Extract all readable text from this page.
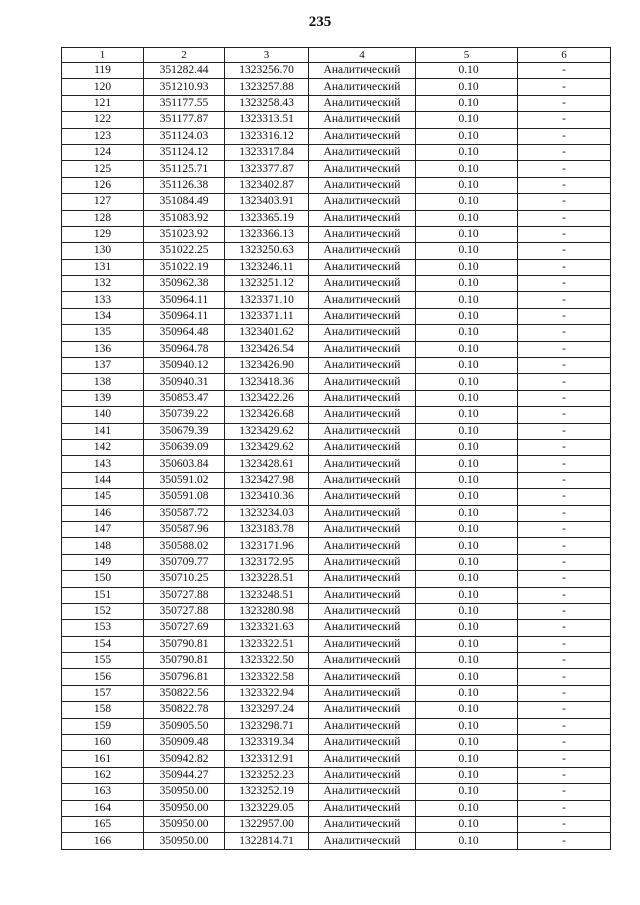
235
1	2	3	4	5	6
119	351282.44	1323256.70	Аналитический	0.10	-
120	351210.93	1323257.88	Аналитический	0.10	-
121	351177.55	1323258.43	Аналитический	0.10	-
122	351177.87	1323313.51	Аналитический	0.10	-
123	351124.03	1323316.12	Аналитический	0.10	-
124	351124.12	1323317.84	Аналитический	0.10	-
125	351125.71	1323377.87	Аналитический	0.10	-
126	351126.38	1323402.87	Аналитический	0.10	-
127	351084.49	1323403.91	Аналитический	0.10	-
128	351083.92	1323365.19	Аналитический	0.10	-
129	351023.92	1323366.13	Аналитический	0.10	-
130	351022.25	1323250.63	Аналитический	0.10	-
131	351022.19	1323246.11	Аналитический	0.10	-
132	350962.38	1323251.12	Аналитический	0.10	-
133	350964.11	1323371.10	Аналитический	0.10	-
134	350964.11	1323371.11	Аналитический	0.10	-
135	350964.48	1323401.62	Аналитический	0.10	-
136	350964.78	1323426.54	Аналитический	0.10	-
137	350940.12	1323426.90	Аналитический	0.10	-
138	350940.31	1323418.36	Аналитический	0.10	-
139	350853.47	1323422.26	Аналитический	0.10	-
140	350739.22	1323426.68	Аналитический	0.10	-
141	350679.39	1323429.62	Аналитический	0.10	-
142	350639.09	1323429.62	Аналитический	0.10	-
143	350603.84	1323428.61	Аналитический	0.10	-
144	350591.02	1323427.98	Аналитический	0.10	-
145	350591.08	1323410.36	Аналитический	0.10	-
146	350587.72	1323234.03	Аналитический	0.10	-
147	350587.96	1323183.78	Аналитический	0.10	-
148	350588.02	1323171.96	Аналитический	0.10	-
149	350709.77	1323172.95	Аналитический	0.10	-
150	350710.25	1323228.51	Аналитический	0.10	-
151	350727.88	1323248.51	Аналитический	0.10	-
152	350727.88	1323280.98	Аналитический	0.10	-
153	350727.69	1323321.63	Аналитический	0.10	-
154	350790.81	1323322.51	Аналитический	0.10	-
155	350790.81	1323322.50	Аналитический	0.10	-
156	350796.81	1323322.58	Аналитический	0.10	-
157	350822.56	1323322.94	Аналитический	0.10	-
158	350822.78	1323297.24	Аналитический	0.10	-
159	350905.50	1323298.71	Аналитический	0.10	-
160	350909.48	1323319.34	Аналитический	0.10	-
161	350942.82	1323312.91	Аналитический	0.10	-
162	350944.27	1323252.23	Аналитический	0.10	-
163	350950.00	1323252.19	Аналитический	0.10	-
164	350950.00	1323229.05	Аналитический	0.10	-
165	350950.00	1322957.00	Аналитический	0.10	-
166	350950.00	1322814.71	Аналитический	0.10	-
